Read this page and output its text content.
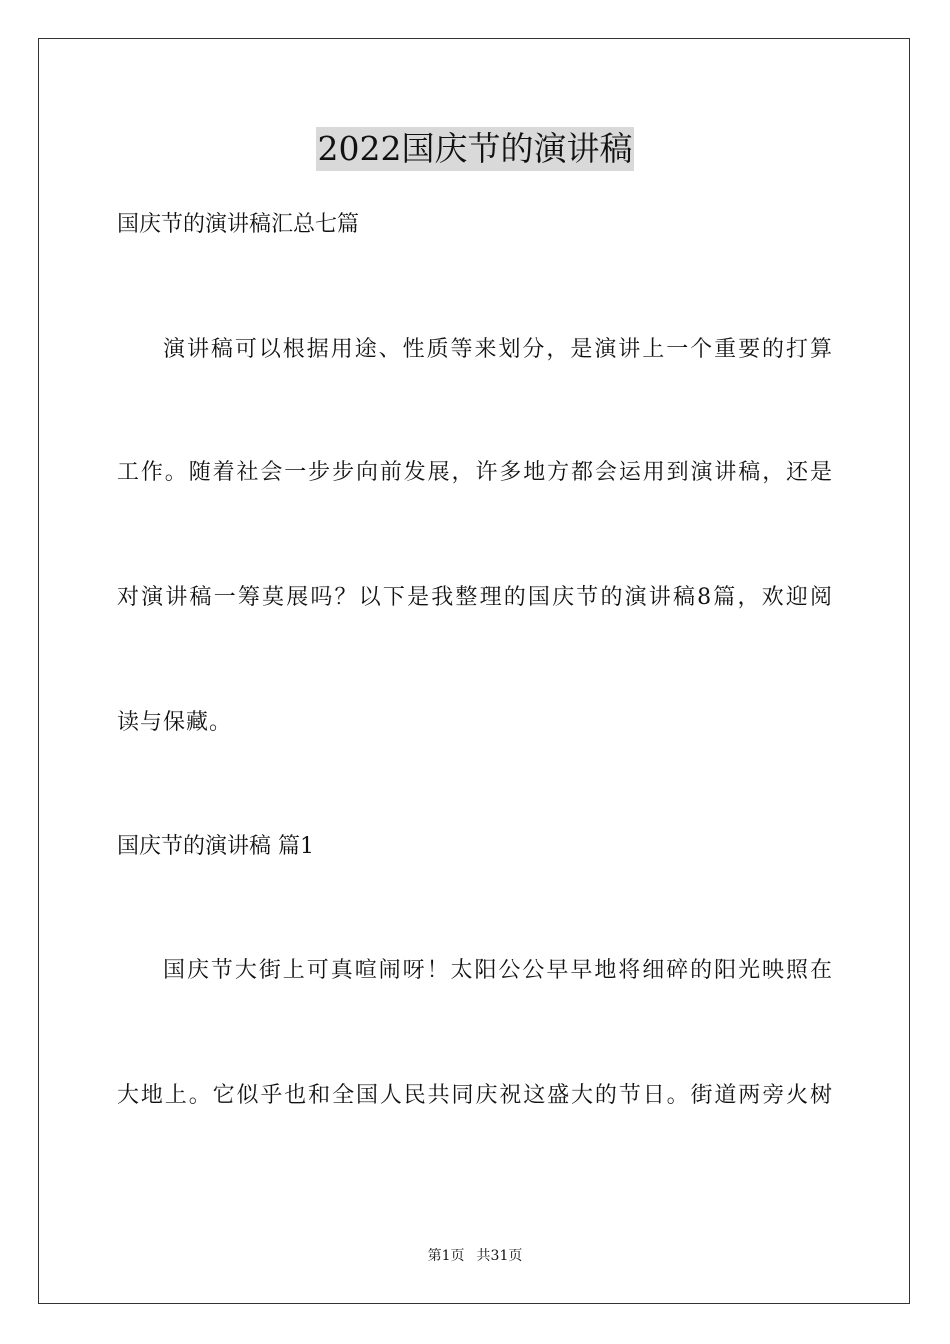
2022国庆节的演讲稿
国庆节的演讲稿汇总七篇
演讲稿可以根据用途、性质等来划分，是演讲上一个重要的打算
工作。随着社会一步步向前发展，许多地方都会运用到演讲稿，还是
对演讲稿一筹莫展吗？以下是我整理的国庆节的演讲稿8篇，欢迎阅
读与保藏。
国庆节的演讲稿 篇1
国庆节大街上可真喧闹呀！太阳公公早早地将细碎的阳光映照在
大地上。它似乎也和全国人民共同庆祝这盛大的节日。街道两旁火树
第1页 共31页
